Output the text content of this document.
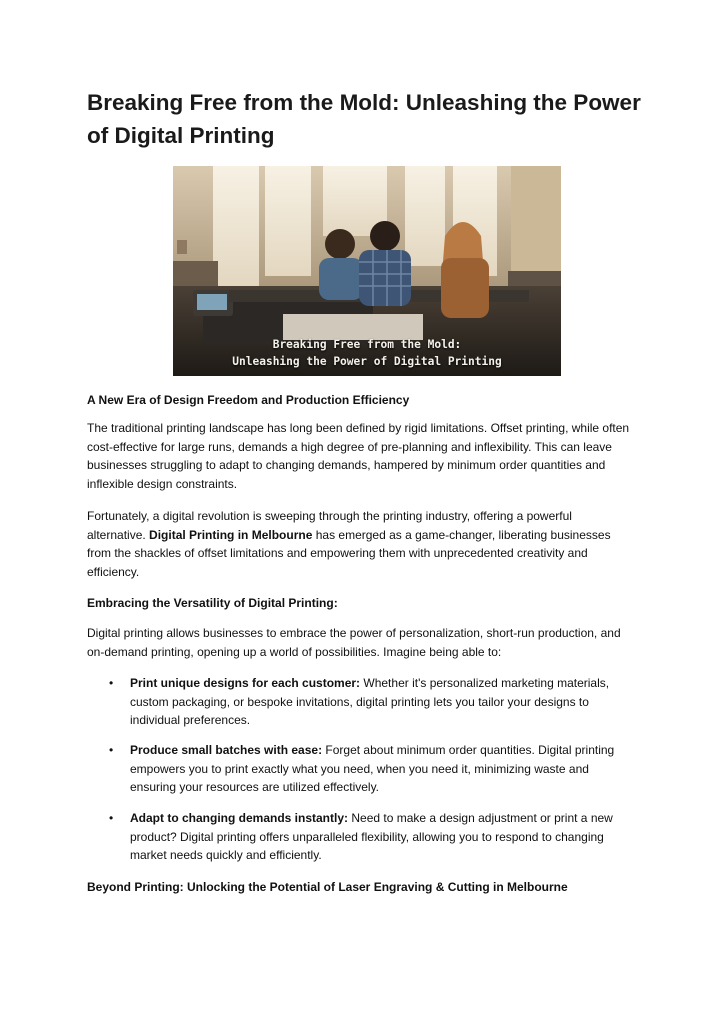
Breaking Free from the Mold: Unleashing the Power of Digital Printing
Breaking Free from the Mold:
Unleashing the Power of Digital Printing

A New Era of Design Freedom and Production Efficiency

The traditional printing landscape has long been defined by rigid limitations. Offset printing, while often cost-effective for large runs, demands a high degree of pre-planning and inflexibility. This can leave businesses struggling to adapt to changing demands, hampered by minimum order quantities and inflexible design constraints.

Fortunately, a digital revolution is sweeping through the printing industry, offering a powerful alternative. Digital Printing in Melbourne has emerged as a game-changer, liberating businesses from the shackles of offset limitations and empowering them with unprecedented creativity and efficiency.

Embracing the Versatility of Digital Printing:

Digital printing allows businesses to embrace the power of personalization, short-run production, and on-demand printing, opening up a world of possibilities. Imagine being able to:

• Print unique designs for each customer: Whether it's personalized marketing materials, custom packaging, or bespoke invitations, digital printing lets you tailor your designs to individual preferences.
• Produce small batches with ease: Forget about minimum order quantities. Digital printing empowers you to print exactly what you need, when you need it, minimizing waste and ensuring your resources are utilized effectively.
• Adapt to changing demands instantly: Need to make a design adjustment or print a new product? Digital printing offers unparalleled flexibility, allowing you to respond to changing market needs quickly and efficiently.

Beyond Printing: Unlocking the Potential of Laser Engraving & Cutting in Melbourne
